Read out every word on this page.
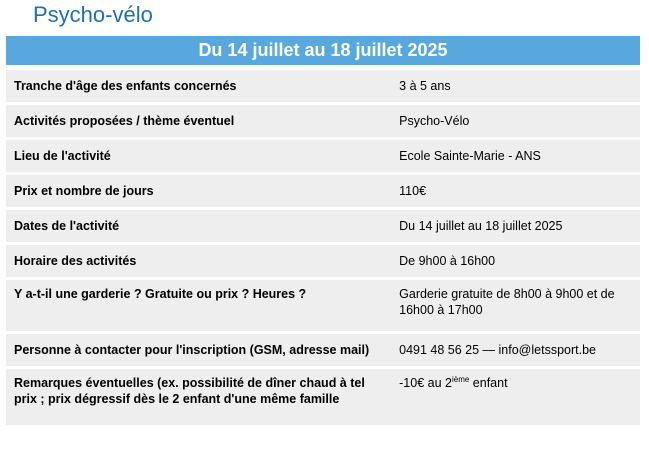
Psycho-vélo
Du 14 juillet au 18 juillet 2025
Tranche d'âge des enfants concernés	3 à 5 ans
Activités proposées / thème éventuel	Psycho-Vélo
Lieu de l'activité	Ecole Sainte-Marie - ANS
Prix et nombre de jours	110€
Dates de l'activité	Du 14 juillet au 18 juillet 2025
Horaire des activités	De 9h00 à 16h00
Y a-t-il une garderie ? Gratuite ou prix ? Heures ?	Garderie gratuite de 8h00 à 9h00 et de 16h00 à 17h00
Personne à contacter pour l'inscription (GSM, adresse mail)	0491 48 56 25 — info@letssport.be
Remarques éventuelles (ex. possibilité de dîner chaud à tel prix ; prix dégressif dès le 2 enfant d'une même famille	-10€ au 2ième enfant
